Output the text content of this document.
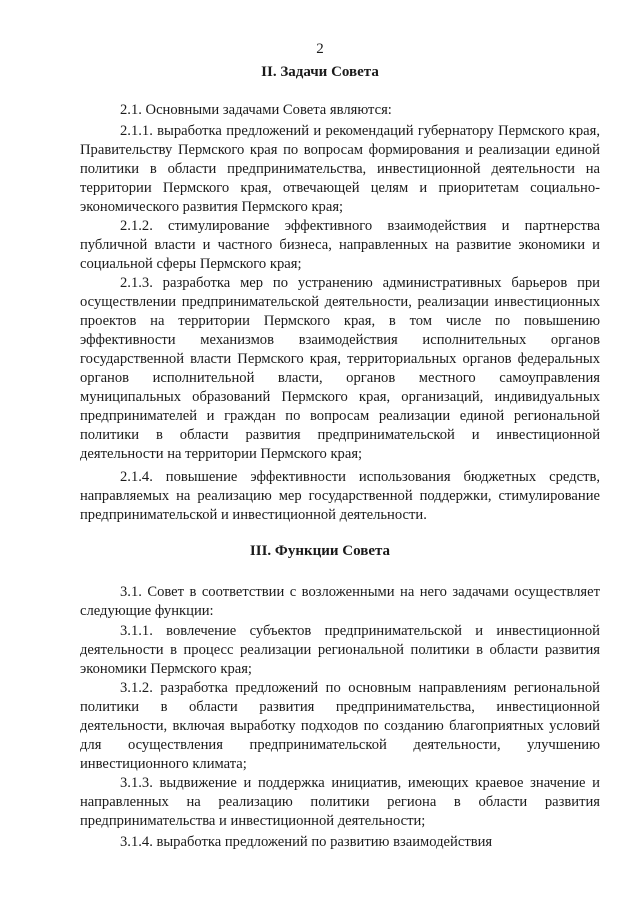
2
II. Задачи Совета
2.1. Основными задачами Совета являются:
2.1.1. выработка предложений и рекомендаций губернатору Пермского края, Правительству Пермского края по вопросам формирования и реализации единой политики в области предпринимательства, инвестиционной деятельности на территории Пермского края, отвечающей целям и приоритетам социально-экономического развития Пермского края;
2.1.2. стимулирование эффективного взаимодействия и партнерства публичной власти и частного бизнеса, направленных на развитие экономики и социальной сферы Пермского края;
2.1.3. разработка мер по устранению административных барьеров при осуществлении предпринимательской деятельности, реализации инвестиционных проектов на территории Пермского края, в том числе по повышению эффективности механизмов взаимодействия исполнительных органов государственной власти Пермского края, территориальных органов федеральных органов исполнительной власти, органов местного самоуправления муниципальных образований Пермского края, организаций, индивидуальных предпринимателей и граждан по вопросам реализации единой региональной политики в области развития предпринимательской и инвестиционной деятельности на территории Пермского края;
2.1.4. повышение эффективности использования бюджетных средств, направляемых на реализацию мер государственной поддержки, стимулирование предпринимательской и инвестиционной деятельности.
III. Функции Совета
3.1. Совет в соответствии с возложенными на него задачами осуществляет следующие функции:
3.1.1. вовлечение субъектов предпринимательской и инвестиционной деятельности в процесс реализации региональной политики в области развития экономики Пермского края;
3.1.2. разработка предложений по основным направлениям региональной политики в области развития предпринимательства, инвестиционной деятельности, включая выработку подходов по созданию благоприятных условий для осуществления предпринимательской деятельности, улучшению инвестиционного климата;
3.1.3. выдвижение и поддержка инициатив, имеющих краевое значение и направленных на реализацию политики региона в области развития предпринимательства и инвестиционной деятельности;
3.1.4. выработка предложений по развитию взаимодействия
